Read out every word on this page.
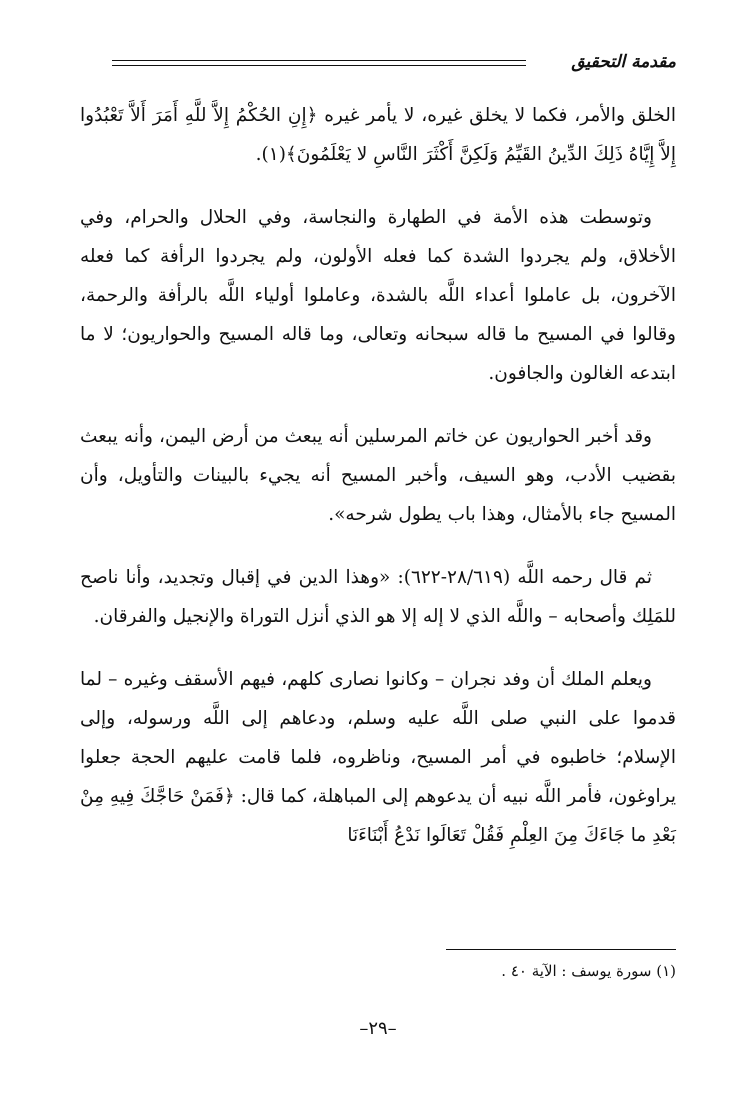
مقدمة التحقيق

الخلق والأمر، فكما لا يخلق غيره، لا يأمر غيره ﴿إِنِ الحُكْمُ إِلاَّ للَّهِ أَمَرَ أَلاَّ تَعْبُدُوا إِلاَّ إِيَّاهُ ذَلِكَ الدِّينُ القَيِّمُ وَلَكِنَّ أَكْثَرَ النَّاسِ لا يَعْلَمُونَ﴾(١).

وتوسطت هذه الأمة في الطهارة والنجاسة، وفي الحلال والحرام، وفي الأخلاق، ولم يجردوا الشدة كما فعله الأولون، ولم يجردوا الرأفة كما فعله الآخرون، بل عاملوا أعداء اللَّه بالشدة، وعاملوا أولياء اللَّه بالرأفة والرحمة، وقالوا في المسيح ما قاله سبحانه وتعالى، وما قاله المسيح والحواريون؛ لا ما ابتدعه الغالون والجافون.

وقد أخبر الحواريون عن خاتم المرسلين أنه يبعث من أرض اليمن، وأنه يبعث بقضيب الأدب، وهو السيف، وأخبر المسيح أنه يجيء بالبينات والتأويل، وأن المسيح جاء بالأمثال، وهذا باب يطول شرحه».

ثم قال رحمه اللَّه (٢٨/٦١٩-٦٢٢): «وهذا الدين في إقبال وتجديد، وأنا ناصح للمَلِك وأصحابه – واللَّه الذي لا إله إلا هو الذي أنزل التوراة والإنجيل والفرقان.

ويعلم الملك أن وفد نجران – وكانوا نصارى كلهم، فيهم الأسقف وغيره – لما قدموا على النبي صلى اللَّه عليه وسلم، ودعاهم إلى اللَّه ورسوله، وإلى الإسلام؛ خاطبوه في أمر المسيح، وناظروه، فلما قامت عليهم الحجة جعلوا يراوغون، فأمر اللَّه نبيه أن يدعوهم إلى المباهلة، كما قال: ﴿فَمَنْ حَاجَّكَ فِيهِ مِنْ بَعْدِ ما جَاءَكَ مِنَ العِلْمِ فَقُلْ تَعَالَوا نَدْعُ أَبْنَاءَنَا

(١) سورة يوسف : الآية ٤٠ .
–٢٩–
